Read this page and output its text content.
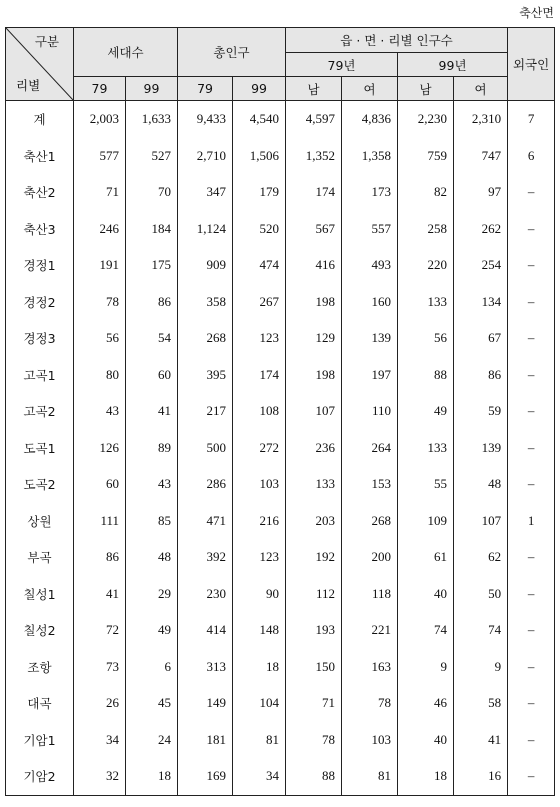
축산면
구분
리별	세대수		총인구		읍 · 면 · 리별 인구수				외국인
					79년		99년		
	79	99	79	99	남	여	남	여	
계	2,003	1,633	9,433	4,540	4,597	4,836	2,230	2,310	7
축산1	577	527	2,710	1,506	1,352	1,358	759	747	6
축산2	71	70	347	179	174	173	82	97	–
축산3	246	184	1,124	520	567	557	258	262	–
경정1	191	175	909	474	416	493	220	254	–
경정2	78	86	358	267	198	160	133	134	–
경정3	56	54	268	123	129	139	56	67	–
고곡1	80	60	395	174	198	197	88	86	–
고곡2	43	41	217	108	107	110	49	59	–
도곡1	126	89	500	272	236	264	133	139	–
도곡2	60	43	286	103	133	153	55	48	–
상원	111	85	471	216	203	268	109	107	1
부곡	86	48	392	123	192	200	61	62	–
칠성1	41	29	230	90	112	118	40	50	–
칠성2	72	49	414	148	193	221	74	74	–
조항	73	6	313	18	150	163	9	9	–
대곡	26	45	149	104	71	78	46	58	–
기암1	34	24	181	81	78	103	40	41	–
기암2	32	18	169	34	88	81	18	16	–
